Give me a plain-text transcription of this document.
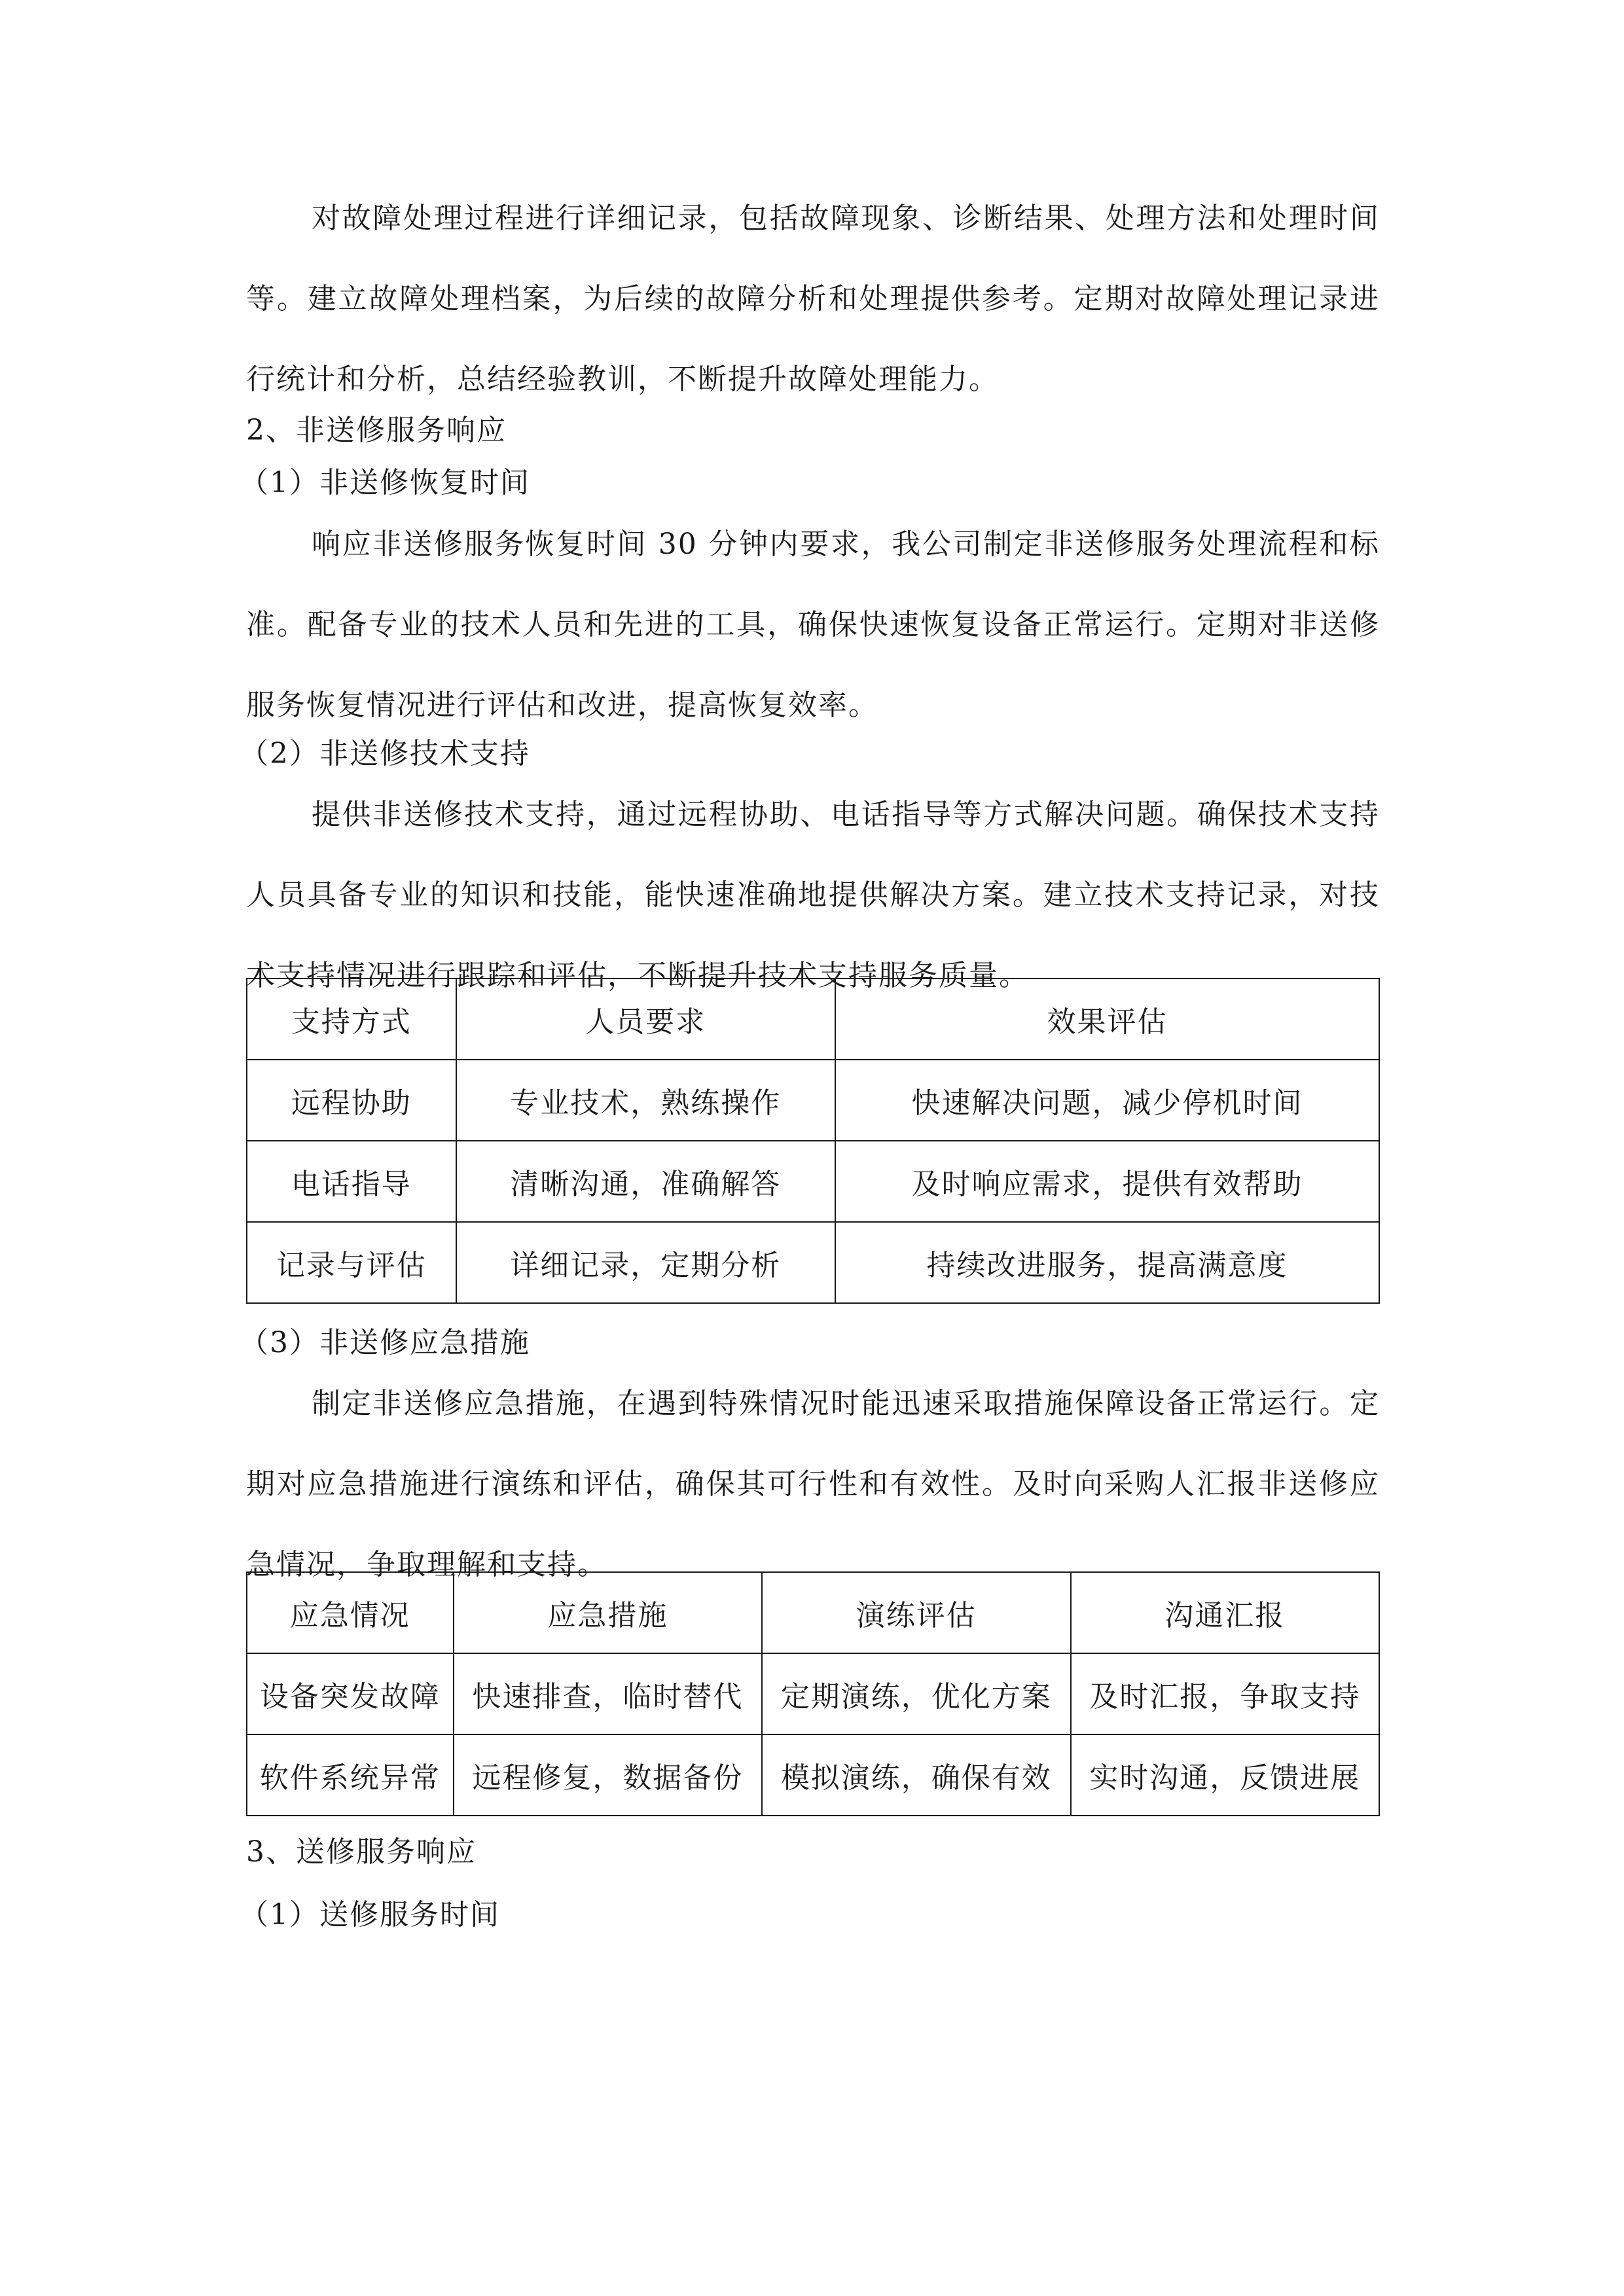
对故障处理过程进行详细记录，包括故障现象、诊断结果、处理方法和处理时间等。建立故障处理档案，为后续的故障分析和处理提供参考。定期对故障处理记录进行统计和分析，总结经验教训，不断提升故障处理能力。

2、非送修服务响应

（1）非送修恢复时间

响应非送修服务恢复时间 30 分钟内要求，我公司制定非送修服务处理流程和标准。配备专业的技术人员和先进的工具，确保快速恢复设备正常运行。定期对非送修服务恢复情况进行评估和改进，提高恢复效率。

（2）非送修技术支持

提供非送修技术支持，通过远程协助、电话指导等方式解决问题。确保技术支持人员具备专业的知识和技能，能快速准确地提供解决方案。建立技术支持记录，对技术支持情况进行跟踪和评估，不断提升技术支持服务质量。

支持方式	人员要求	效果评估
远程协助	专业技术，熟练操作	快速解决问题，减少停机时间
电话指导	清晰沟通，准确解答	及时响应需求，提供有效帮助
记录与评估	详细记录，定期分析	持续改进服务，提高满意度

（3）非送修应急措施

制定非送修应急措施，在遇到特殊情况时能迅速采取措施保障设备正常运行。定期对应急措施进行演练和评估，确保其可行性和有效性。及时向采购人汇报非送修应急情况，争取理解和支持。

应急情况	应急措施	演练评估	沟通汇报
设备突发故障	快速排查，临时替代	定期演练，优化方案	及时汇报，争取支持
软件系统异常	远程修复，数据备份	模拟演练，确保有效	实时沟通，反馈进展

3、送修服务响应

（1）送修服务时间
